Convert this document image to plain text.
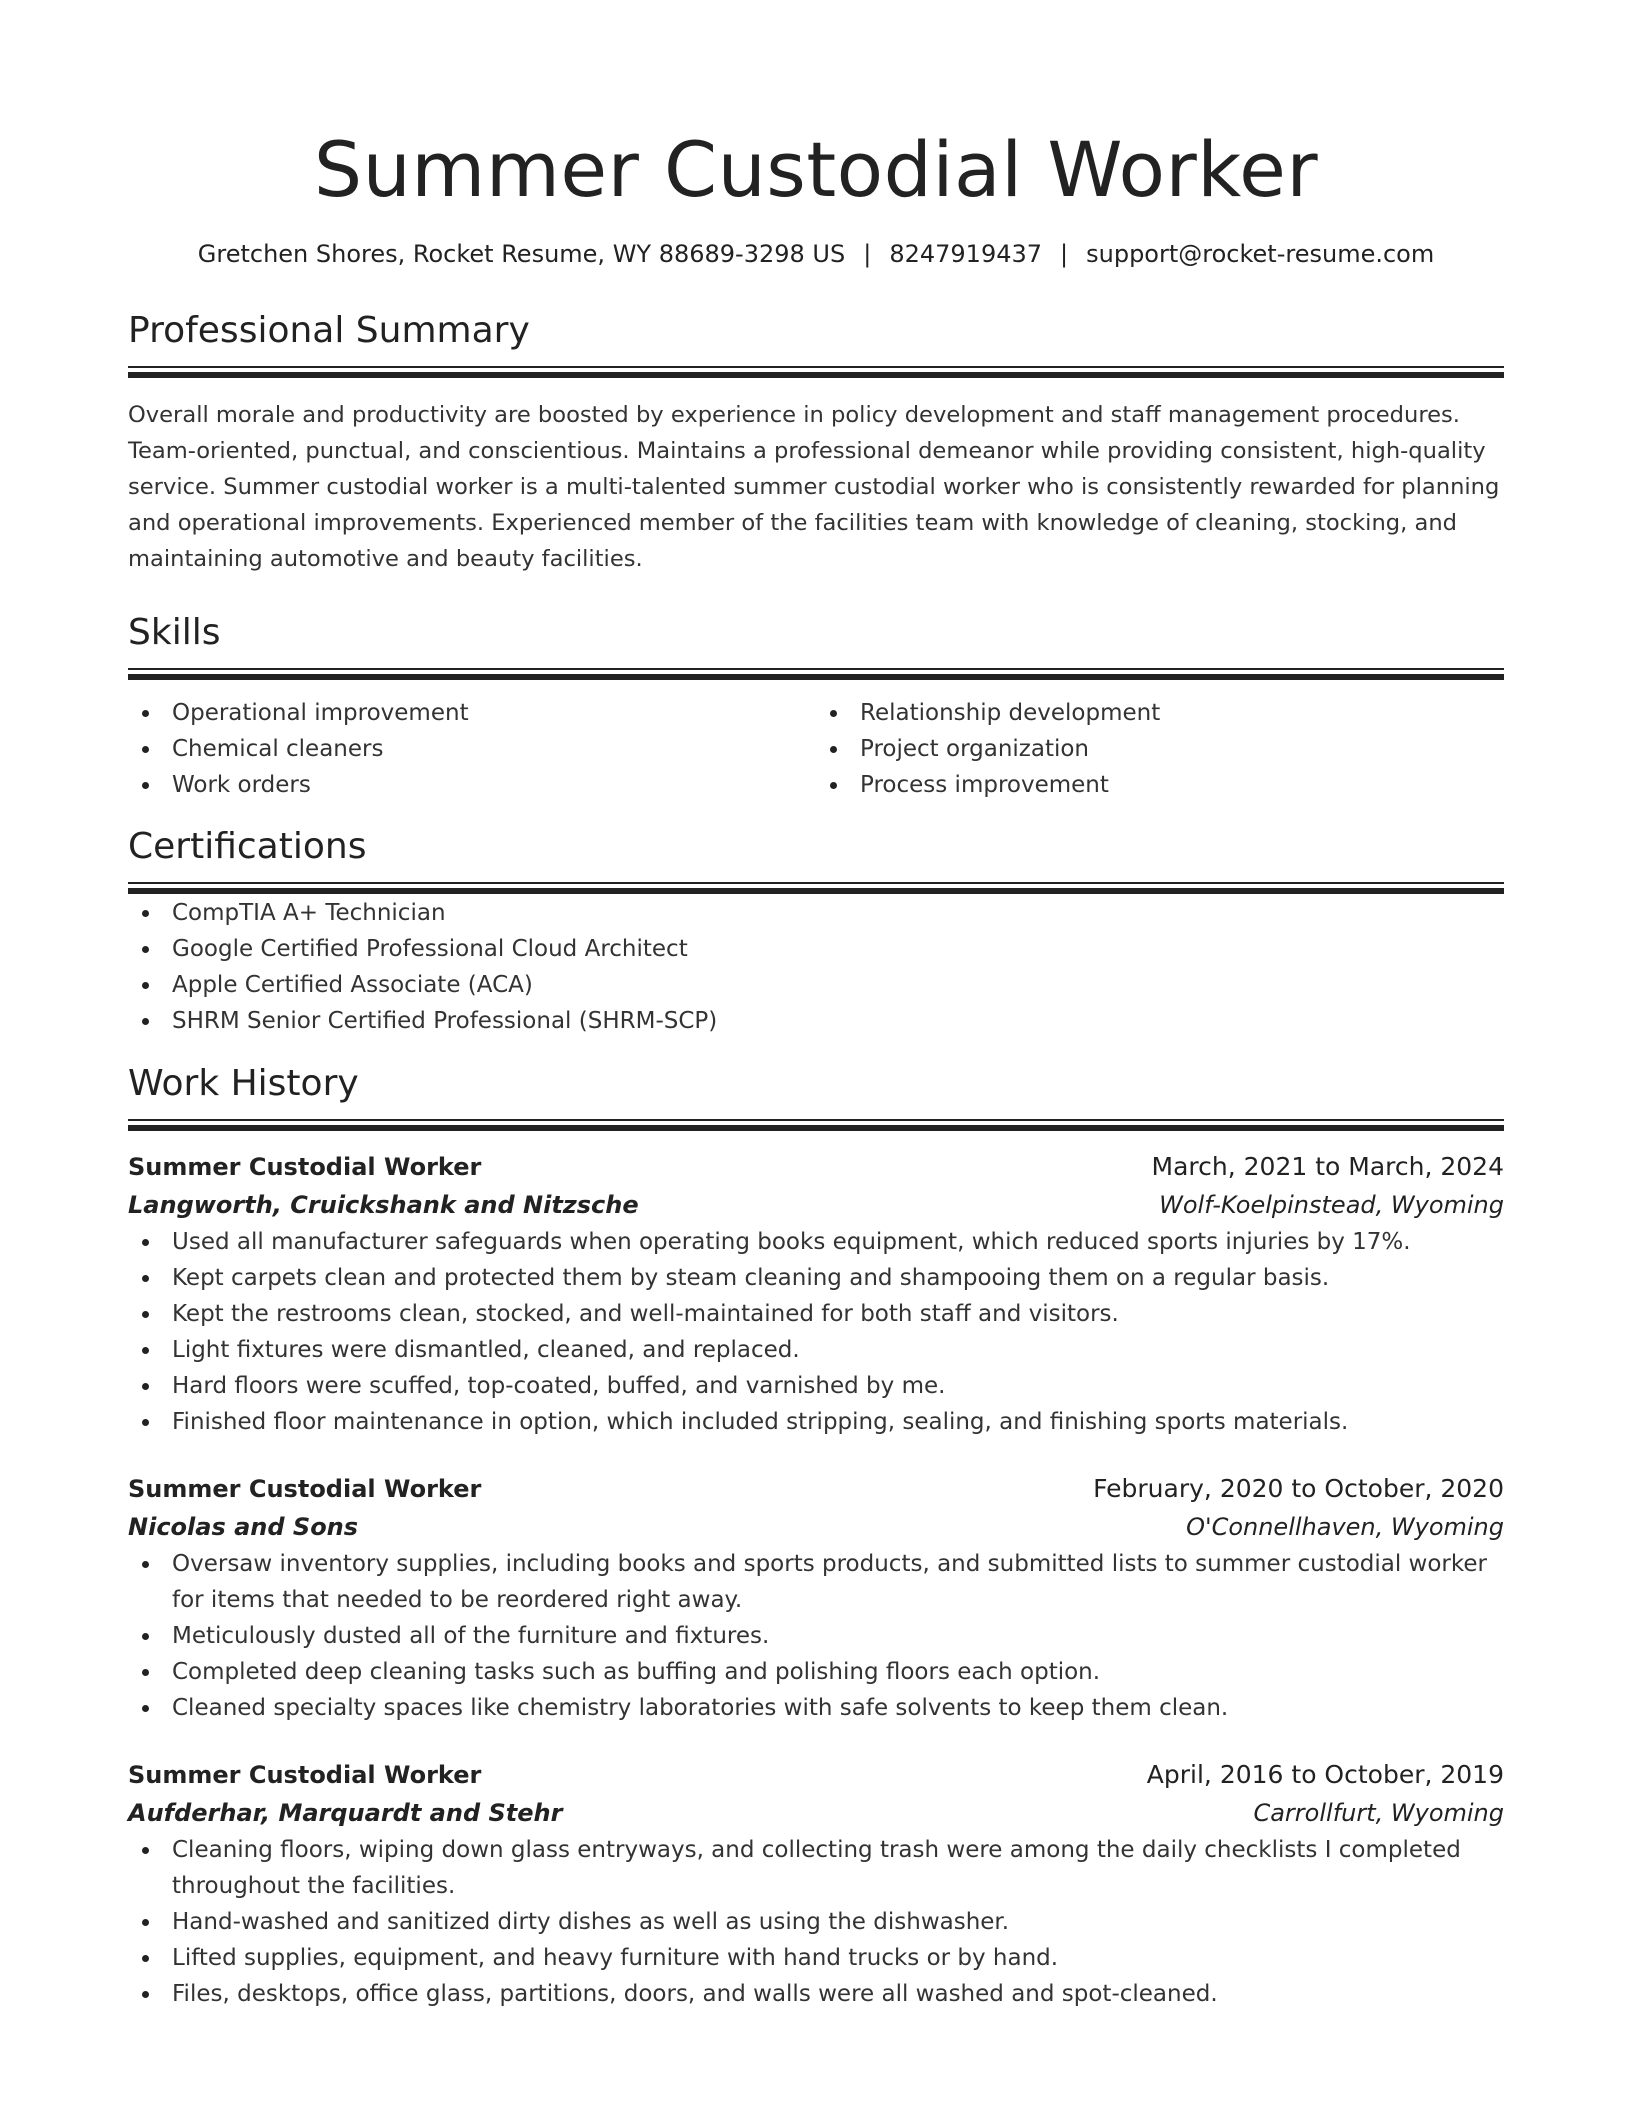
Summer Custodial Worker
Gretchen Shores, Rocket Resume, WY 88689-3298 US | 8247919437 | support@rocket-resume.com
Professional Summary

Overall morale and productivity are boosted by experience in policy development and staff management procedures. Team-oriented, punctual, and conscientious. Maintains a professional demeanor while providing consistent, high-quality service. Summer custodial worker is a multi-talented summer custodial worker who is consistently rewarded for planning and operational improvements. Experienced member of the facilities team with knowledge of cleaning, stocking, and maintaining automotive and beauty facilities.

Skills
Operational improvement
Chemical cleaners
Work orders
Relationship development
Project organization
Process improvement
Certifications
CompTIA A+ Technician
Google Certified Professional Cloud Architect
Apple Certified Associate (ACA)
SHRM Senior Certified Professional (SHRM-SCP)
Work History
Summer Custodial Worker	March, 2021 to March, 2024
Langworth, Cruickshank and Nitzsche	Wolf-Koelpinstead, Wyoming
Used all manufacturer safeguards when operating books equipment, which reduced sports injuries by 17%.
Kept carpets clean and protected them by steam cleaning and shampooing them on a regular basis.
Kept the restrooms clean, stocked, and well-maintained for both staff and visitors.
Light fixtures were dismantled, cleaned, and replaced.
Hard floors were scuffed, top-coated, buffed, and varnished by me.
Finished floor maintenance in option, which included stripping, sealing, and finishing sports materials.
Summer Custodial Worker	February, 2020 to October, 2020
Nicolas and Sons	O'Connellhaven, Wyoming
Oversaw inventory supplies, including books and sports products, and submitted lists to summer custodial worker for items that needed to be reordered right away.
Meticulously dusted all of the furniture and fixtures.
Completed deep cleaning tasks such as buffing and polishing floors each option.
Cleaned specialty spaces like chemistry laboratories with safe solvents to keep them clean.
Summer Custodial Worker	April, 2016 to October, 2019
Aufderhar, Marquardt and Stehr	Carrollfurt, Wyoming
Cleaning floors, wiping down glass entryways, and collecting trash were among the daily checklists I completed throughout the facilities.
Hand-washed and sanitized dirty dishes as well as using the dishwasher.
Lifted supplies, equipment, and heavy furniture with hand trucks or by hand.
Files, desktops, office glass, partitions, doors, and walls were all washed and spot-cleaned.
